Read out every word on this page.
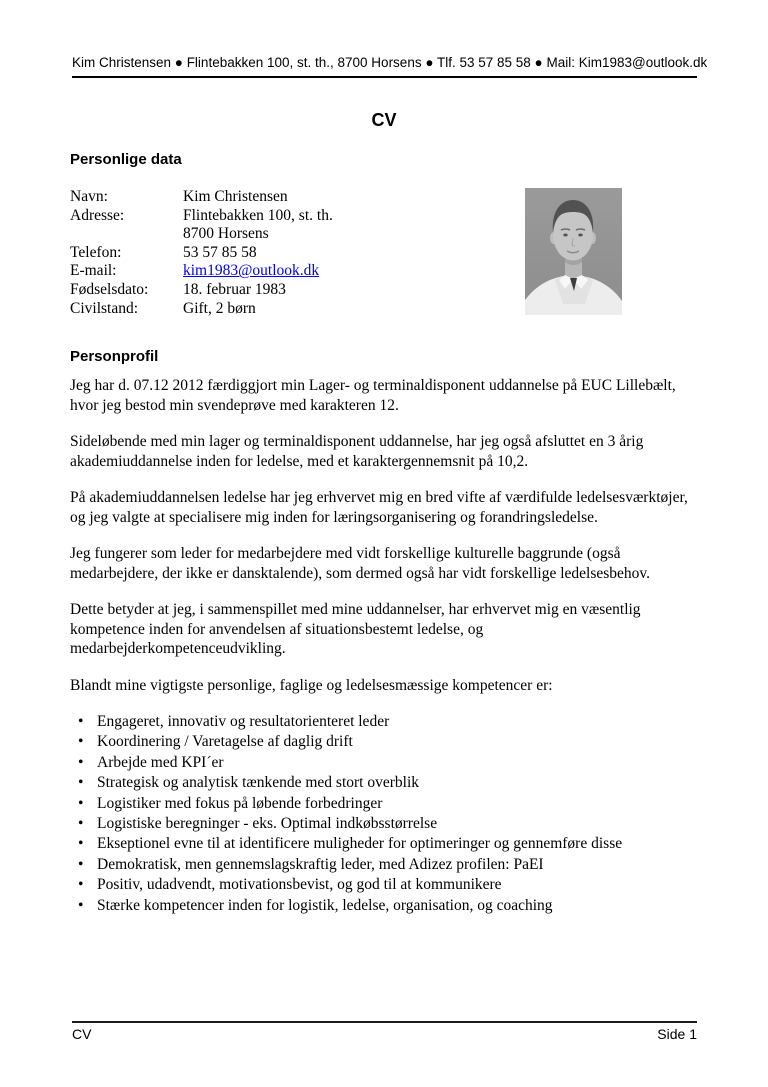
Kim Christensen ● Flintebakken 100, st. th., 8700 Horsens ● Tlf. 53 57 85 58 ● Mail: Kim1983@outlook.dk
CV
Personlige data
Navn:	Kim Christensen
Adresse:	Flintebakken 100, st. th.
8700 Horsens
Telefon:	53 57 85 58
E-mail:	kim1983@outlook.dk
Fødselsdato:	18. februar 1983
Civilstand:	Gift, 2 børn
Personprofil

Jeg har d. 07.12 2012 færdiggjort min Lager- og terminaldisponent uddannelse på EUC Lillebælt, hvor jeg bestod min svendeprøve med karakteren 12.

Sideløbende med min lager og terminaldisponent uddannelse, har jeg også afsluttet en 3 årig akademiuddannelse inden for ledelse, med et karaktergennemsnit på 10,2.

På akademiuddannelsen ledelse har jeg erhvervet mig en bred vifte af værdifulde ledelsesværktøjer, og jeg valgte at specialisere mig inden for læringsorganisering og forandringsledelse.

Jeg fungerer som leder for medarbejdere med vidt forskellige kulturelle baggrunde (også medarbejdere, der ikke er dansktalende), som dermed også har vidt forskellige ledelsesbehov.

Dette betyder at jeg, i sammenspillet med mine uddannelser, har erhvervet mig en væsentlig kompetence inden for anvendelsen af situationsbestemt ledelse, og medarbejderkompetenceudvikling.

Blandt mine vigtigste personlige, faglige og ledelsesmæssige kompetencer er:

• Engageret, innovativ og resultatorienteret leder
• Koordinering / Varetagelse af daglig drift
• Arbejde med KPI´er
• Strategisk og analytisk tænkende med stort overblik
• Logistiker med fokus på løbende forbedringer
• Logistiske beregninger - eks. Optimal indkøbsstørrelse
• Ekseptionel evne til at identificere muligheder for optimeringer og gennemføre disse
• Demokratisk, men gennemslagskraftig leder, med Adizez profilen: PaEI
• Positiv, udadvendt, motivationsbevist, og god til at kommunikere
• Stærke kompetencer inden for logistik, ledelse, organisation, og coaching
CV	Side 1
